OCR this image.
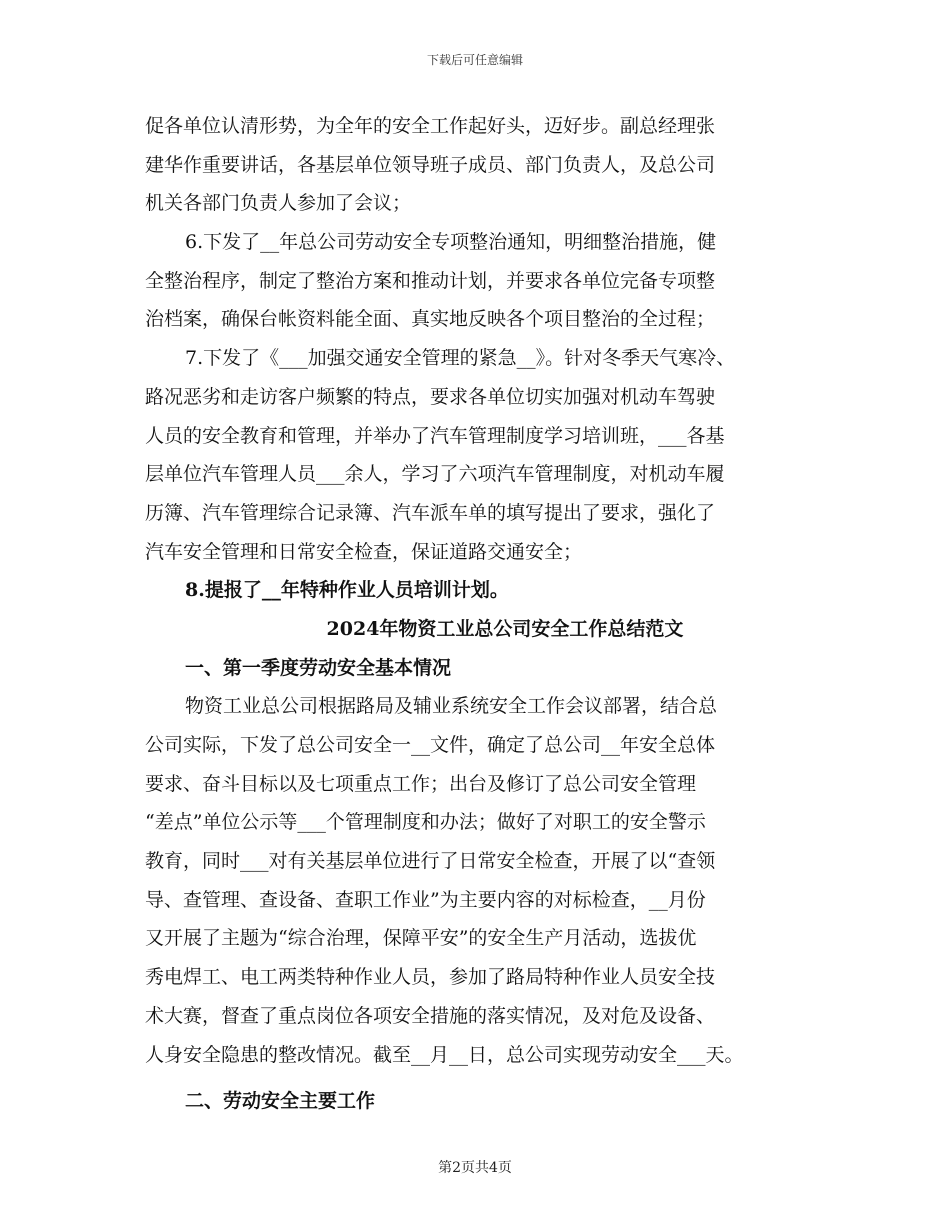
下载后可任意编辑
促各单位认清形势，为全年的安全工作起好头，迈好步。副总经理张
建华作重要讲话，各基层单位领导班子成员、部门负责人，及总公司
机关各部门负责人参加了会议；
6.下发了__年总公司劳动安全专项整治通知，明细整治措施，健
全整治程序，制定了整治方案和推动计划，并要求各单位完备专项整
治档案，确保台帐资料能全面、真实地反映各个项目整治的全过程；
7.下发了《___加强交通安全管理的紧急__》。针对冬季天气寒冷、
路况恶劣和走访客户频繁的特点，要求各单位切实加强对机动车驾驶
人员的安全教育和管理，并举办了汽车管理制度学习培训班，___各基
层单位汽车管理人员___余人，学习了六项汽车管理制度，对机动车履
历簿、汽车管理综合记录簿、汽车派车单的填写提出了要求，强化了
汽车安全管理和日常安全检查，保证道路交通安全；
8.提报了__年特种作业人员培训计划。
2024年物资工业总公司安全工作总结范文
一、第一季度劳动安全基本情况
物资工业总公司根据路局及辅业系统安全工作会议部署，结合总
公司实际，下发了总公司安全一__文件，确定了总公司__年安全总体
要求、奋斗目标以及七项重点工作；出台及修订了总公司安全管理
“差点”单位公示等___个管理制度和办法；做好了对职工的安全警示
教育，同时___对有关基层单位进行了日常安全检查，开展了以“查领
导、查管理、查设备、查职工作业”为主要内容的对标检查，__月份
又开展了主题为“综合治理，保障平安”的安全生产月活动，选拔优
秀电焊工、电工两类特种作业人员，参加了路局特种作业人员安全技
术大赛，督查了重点岗位各项安全措施的落实情况，及对危及设备、
人身安全隐患的整改情况。截至__月__日，总公司实现劳动安全___天。
二、劳动安全主要工作
第2页共4页
